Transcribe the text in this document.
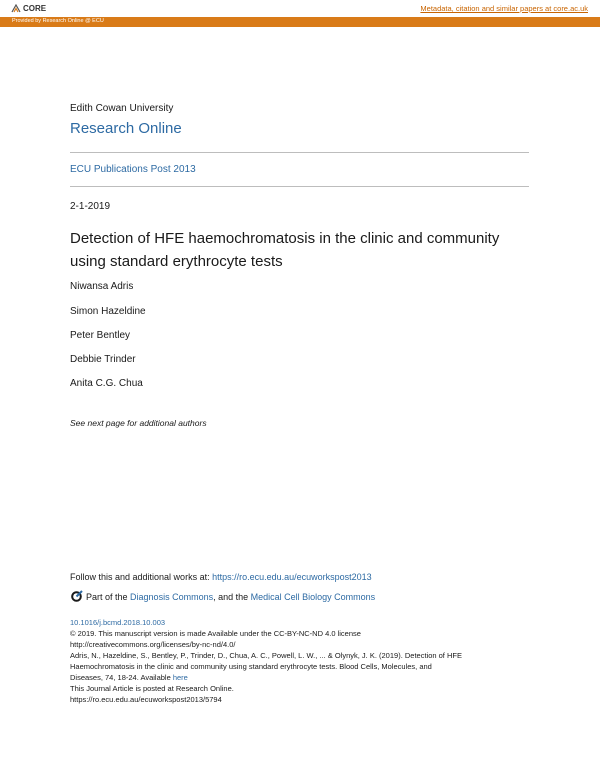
CORE	Metadata, citation and similar papers at core.ac.uk
Provided by Research Online @ ECU
Edith Cowan University
Research Online
ECU Publications Post 2013
2-1-2019
Detection of HFE haemochromatosis in the clinic and community
using standard erythrocyte tests
Niwansa Adris
Simon Hazeldine
Peter Bentley
Debbie Trinder
Anita C.G. Chua
See next page for additional authors
Follow this and additional works at: https://ro.ecu.edu.au/ecuworkspost2013
Part of the
Diagnosis Commons , and the
Medical Cell Biology Commons
10.1016/j.bcmd.2018.10.003
© 2019. This manuscript version is made Available under the CC-BY-NC-ND 4.0 license
http://creativecommons.org/licenses/by-nc-nd/4.0/
Adris, N., Hazeldine, S., Bentley, P., Trinder, D., Chua, A. C., Powell, L. W., ... & Olynyk, J. K. (2019). Detection of HFE
Haemochromatosis in the clinic and community using standard erythrocyte tests. Blood Cells, Molecules, and
Diseases, 74, 18-24. Available here
This Journal Article is posted at Research Online.
https://ro.ecu.edu.au/ecuworkspost2013/5794
